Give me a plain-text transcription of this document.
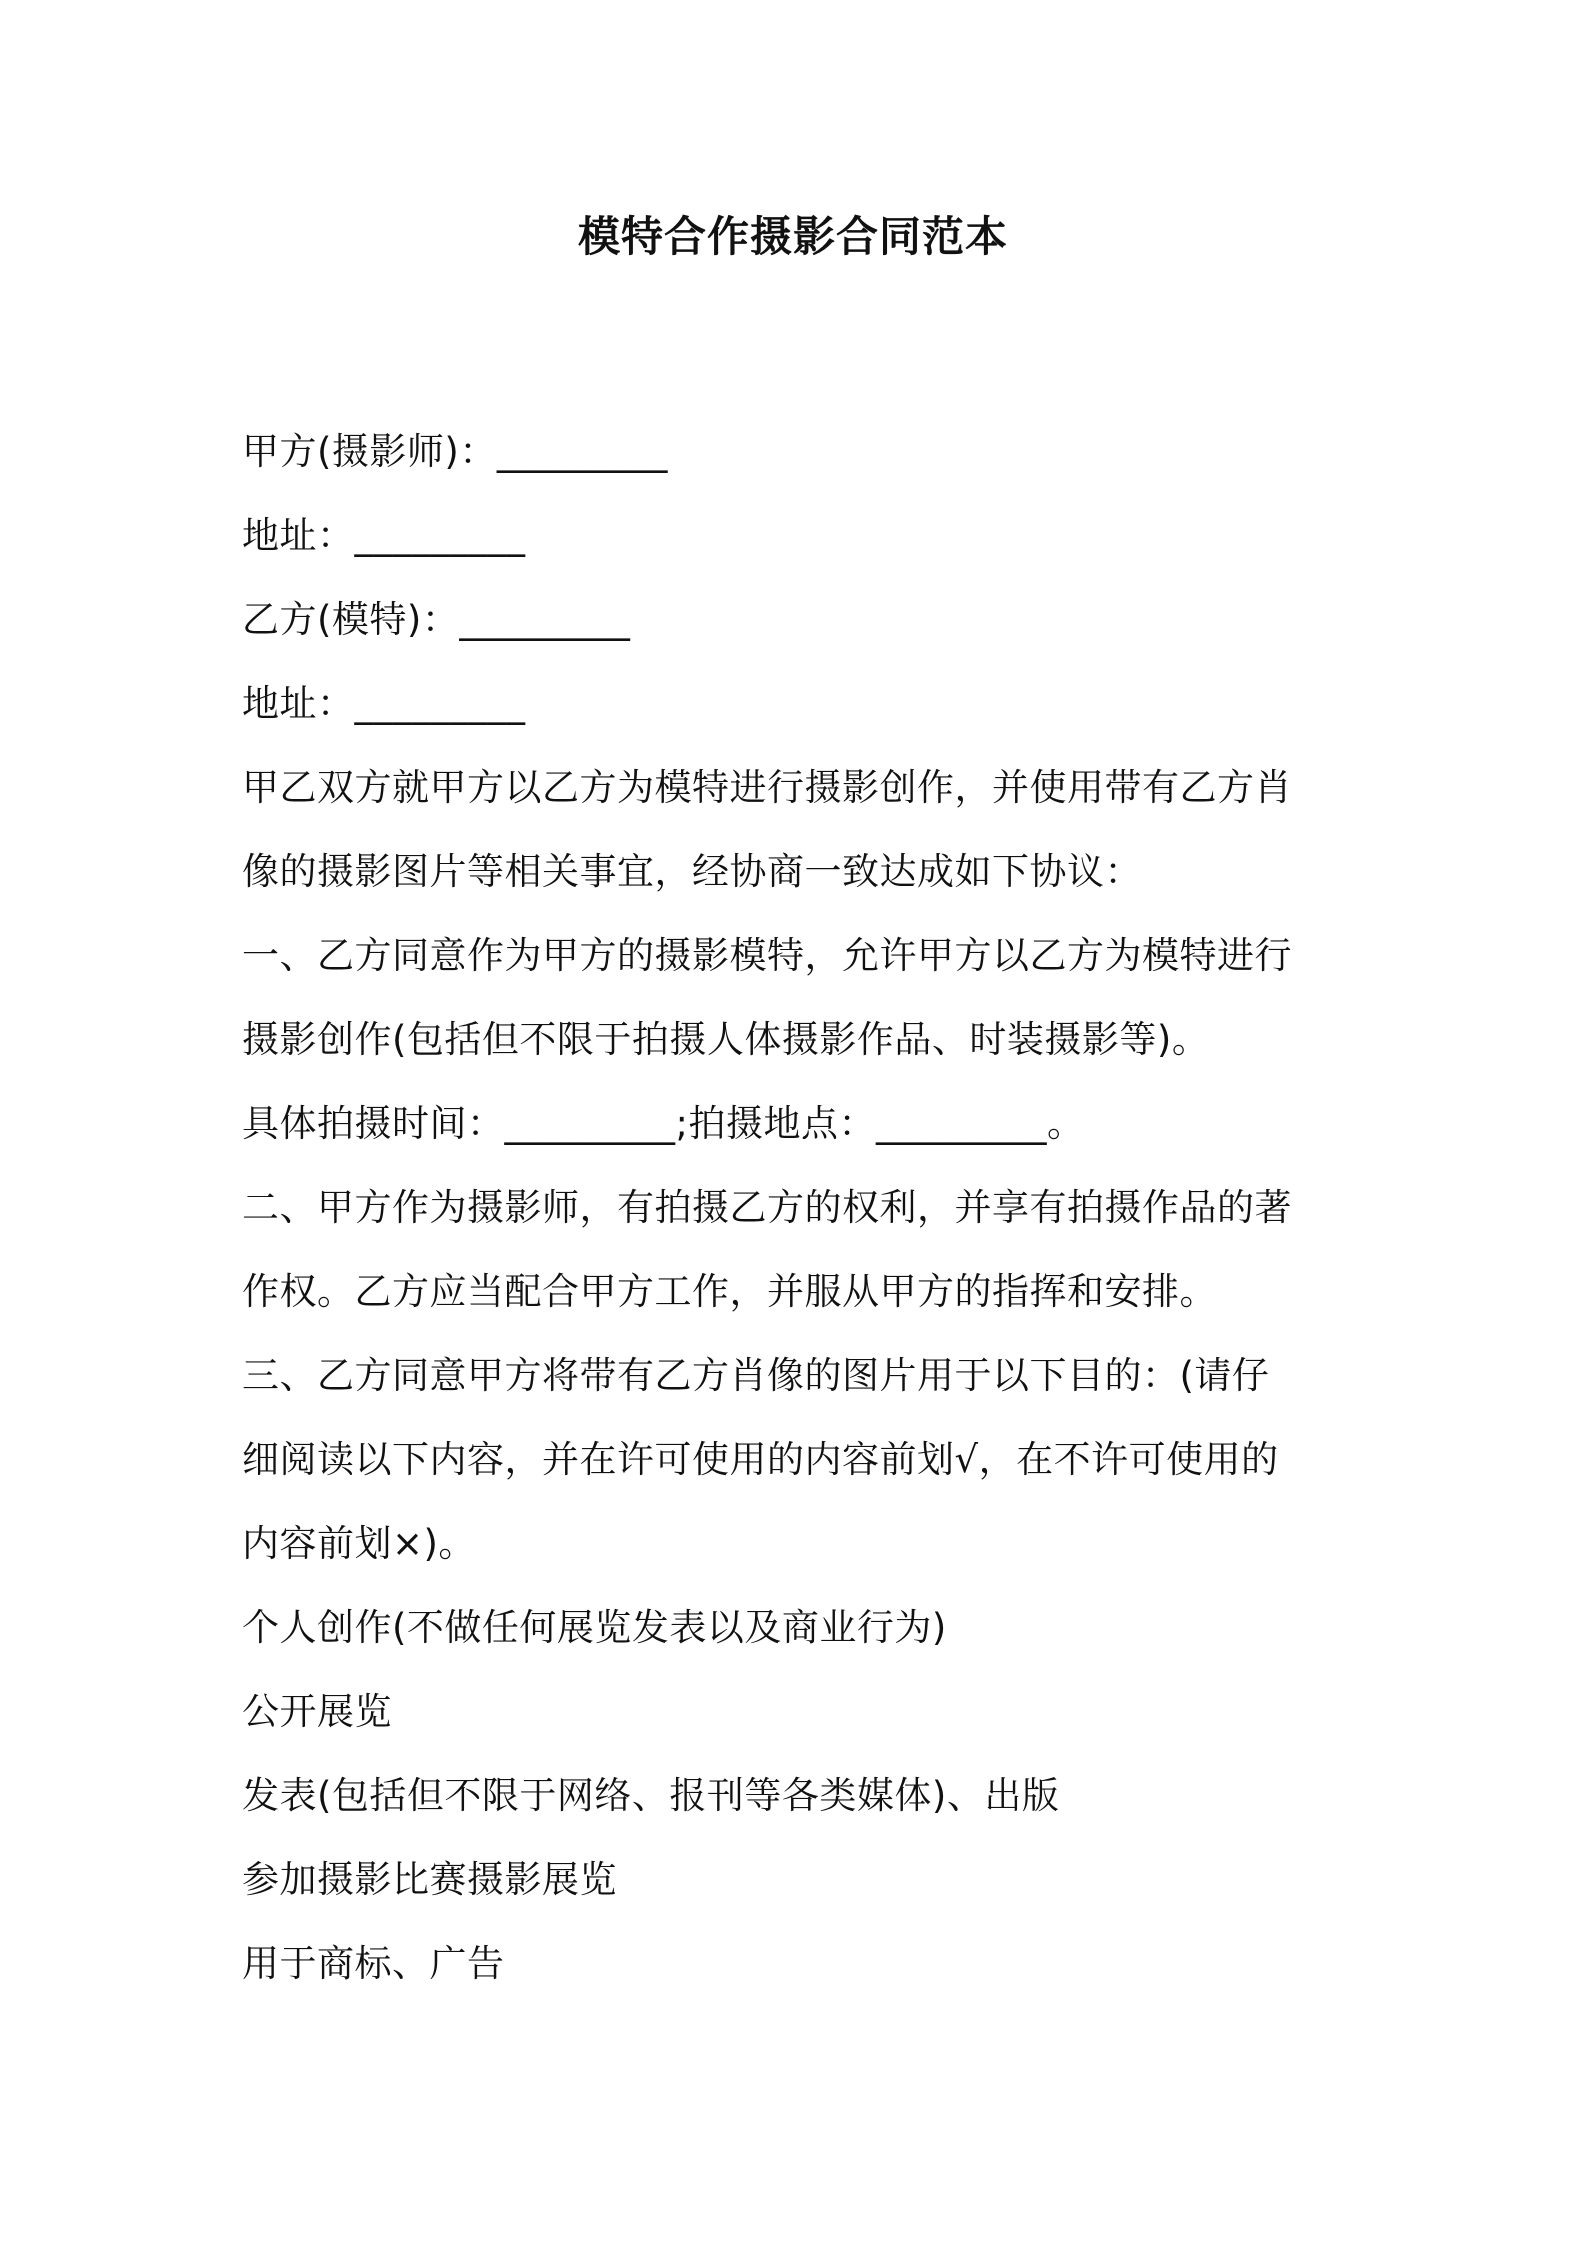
模特合作摄影合同范本
甲方(摄影师)：_________
地址：_________
乙方(模特)：_________
地址：_________
甲乙双方就甲方以乙方为模特进行摄影创作，并使用带有乙方肖
像的摄影图片等相关事宜，经协商一致达成如下协议：
一、乙方同意作为甲方的摄影模特，允许甲方以乙方为模特进行
摄影创作(包括但不限于拍摄人体摄影作品、时装摄影等)。
具体拍摄时间：_________;拍摄地点：_________。
二、甲方作为摄影师，有拍摄乙方的权利，并享有拍摄作品的著
作权。乙方应当配合甲方工作，并服从甲方的指挥和安排。
三、乙方同意甲方将带有乙方肖像的图片用于以下目的：(请仔
细阅读以下内容，并在许可使用的内容前划√，在不许可使用的
内容前划×)。
个人创作(不做任何展览发表以及商业行为)
公开展览
发表(包括但不限于网络、报刊等各类媒体)、出版
参加摄影比赛摄影展览
用于商标、广告
